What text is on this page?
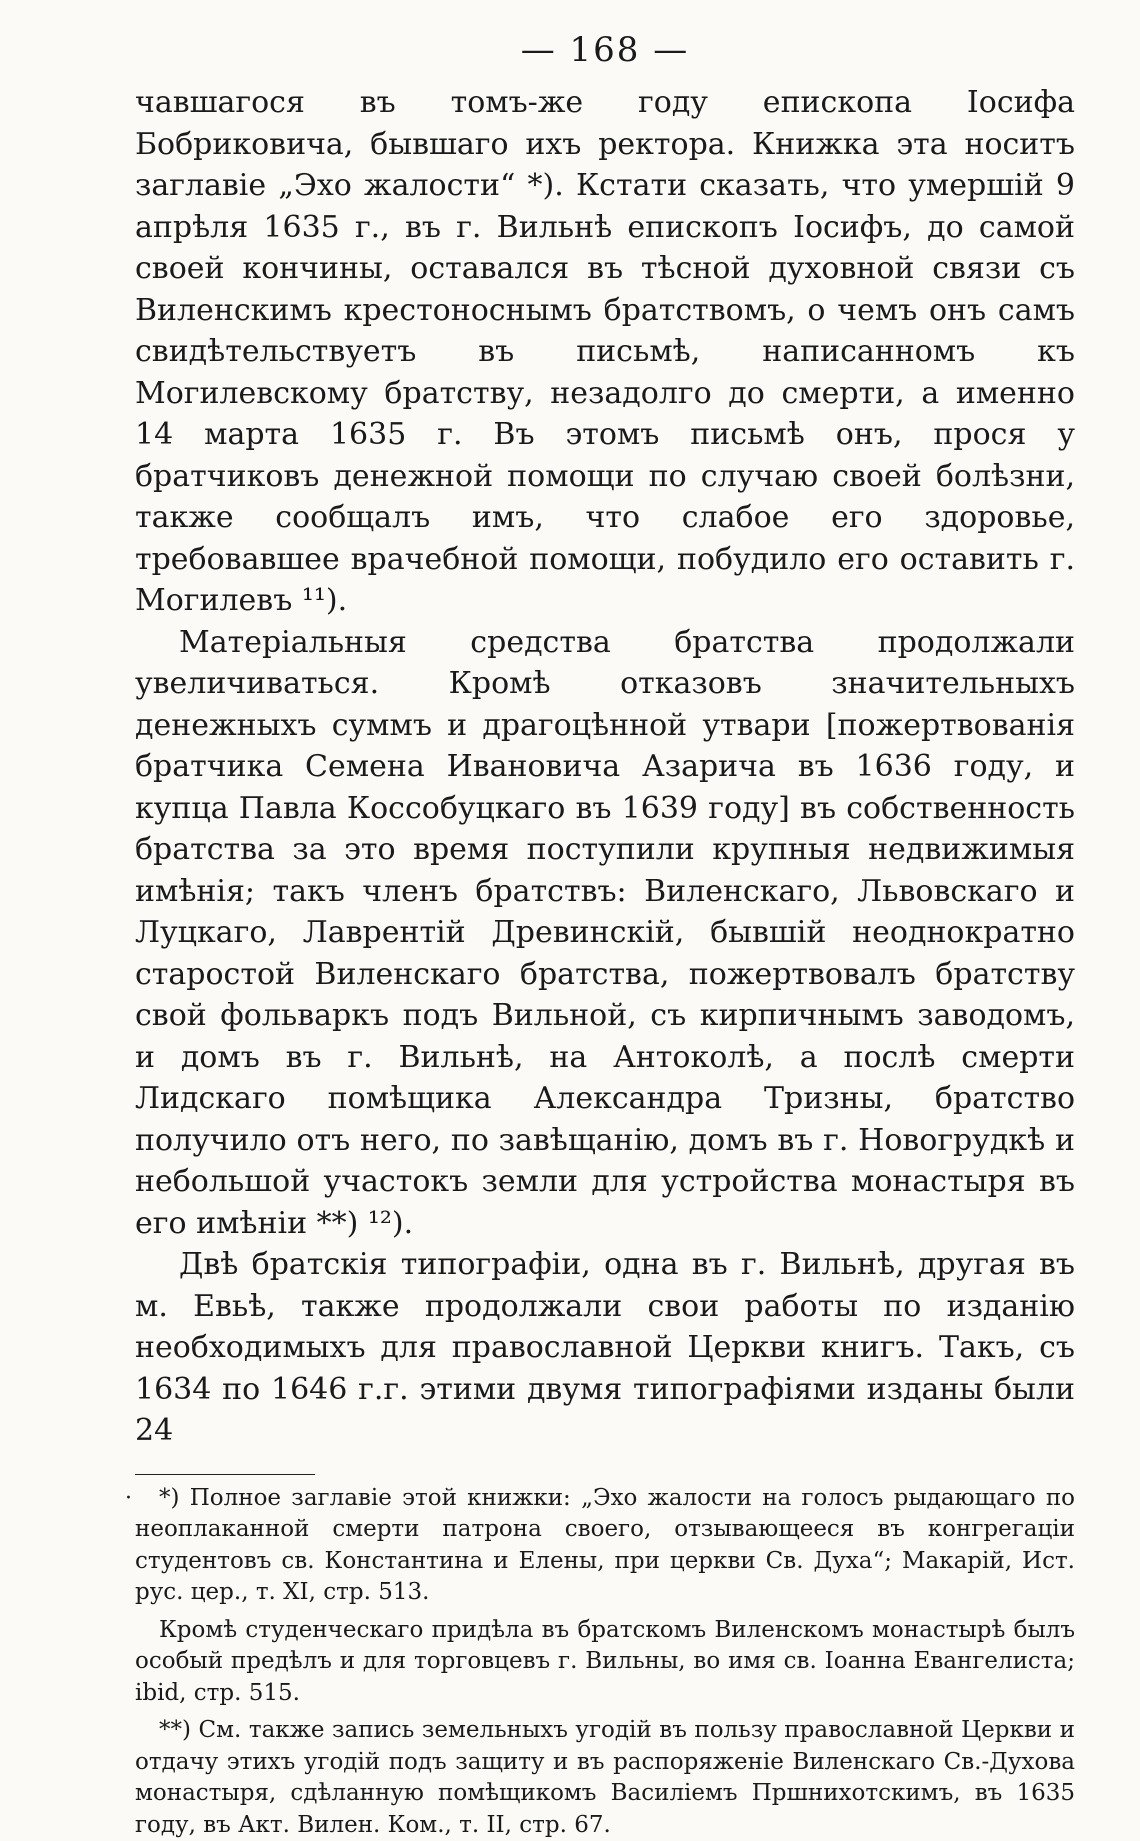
— 168 —

чавшагося въ томъ-же году епископа Іосифа Бобриковича, бывшаго ихъ ректора. Книжка эта носитъ заглавіе „Эхо жалости“ *). Кстати сказать, что умершій 9 апрѣля 1635 г., въ г. Вильнѣ епископъ Іосифъ, до самой своей кончины, оставался въ тѣсной духовной связи съ Виленскимъ крестоноснымъ братствомъ, о чемъ онъ самъ свидѣтельствуетъ въ письмѣ, написанномъ къ Могилевскому братству, незадолго до смерти, а именно 14 марта 1635 г. Въ этомъ письмѣ онъ, прося у братчиковъ денежной помощи по случаю своей болѣзни, также сообщалъ имъ, что слабое его здоровье, требовавшее врачебной помощи, побудило его оставить г. Могилевъ ¹¹).

Матеріальныя средства братства продолжали увеличиваться. Кромѣ отказовъ значительныхъ денежныхъ суммъ и драгоцѣнной утвари [пожертвованія братчика Семена Ивановича Азарича въ 1636 году, и купца Павла Коссобуцкаго въ 1639 году] въ собственность братства за это время поступили крупныя недвижимыя имѣнія; такъ членъ братствъ: Виленскаго, Львовскаго и Луцкаго, Лаврентій Древинскій, бывшій неоднократно старостой Виленскаго братства, пожертвовалъ братству свой фольваркъ подъ Вильной, съ кирпичнымъ заводомъ, и домъ въ г. Вильнѣ, на Антоколѣ, а послѣ смерти Лидскаго помѣщика Александра Тризны, братство получило отъ него, по завѣщанію, домъ въ г. Новогрудкѣ и небольшой участокъ земли для устройства монастыря въ его имѣніи **) ¹²).

Двѣ братскія типографіи, одна въ г. Вильнѣ, другая въ м. Евьѣ, также продолжали свои работы по изданію необходимыхъ для православной Церкви книгъ. Такъ, съ 1634 по 1646 г.г. этими двумя типографіями изданы были 24

· *) Полное заглавіе этой книжки: „Эхо жалости на голосъ рыдающаго по неоплаканной смерти патрона своего, отзывающееся въ конгрегаціи студентовъ св. Константина и Елены, при церкви Св. Духа“; Макарій, Ист. рус. цер., т. XI, стр. 513.

Кромѣ студенческаго придѣла въ братскомъ Виленскомъ монастырѣ былъ особый предѣлъ и для торговцевъ г. Вильны, во имя св. Іоанна Евангелиста; ibid, стр. 515.

**) См. также запись земельныхъ угодій въ пользу православной Церкви и отдачу этихъ угодій подъ защиту и въ распоряженіе Виленскаго Св.-Духова монастыря, сдѣланную помѣщикомъ Василіемъ Пршнихотскимъ, въ 1635 году, въ Акт. Вилен. Ком., т. II, стр. 67.
